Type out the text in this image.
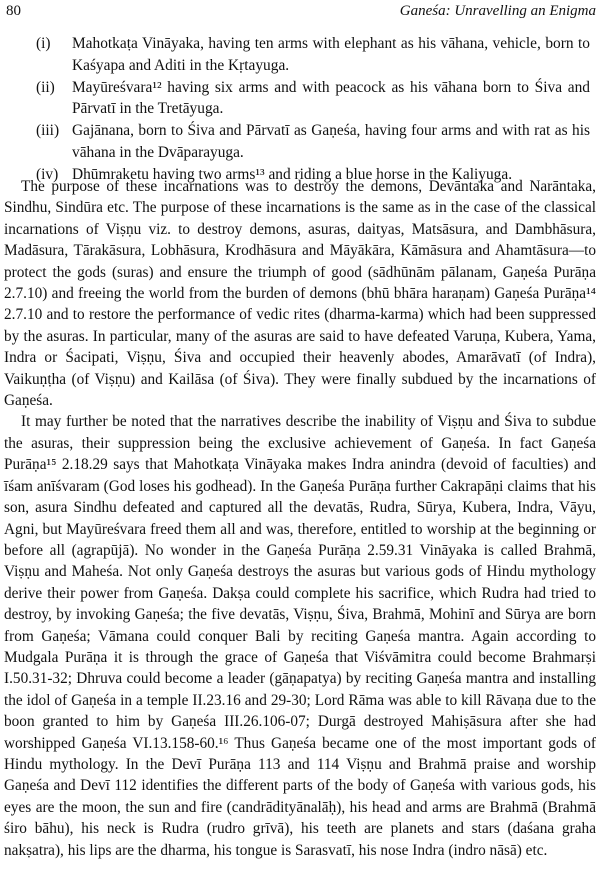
80	Ganeśa: Unravelling an Enigma
(i)	Mahotkaṭa Vināyaka, having ten arms with elephant as his vāhana, vehicle, born to Kaśyapa and Aditi in the Kṛtayuga.
(ii)	Mayūreśvara¹² having six arms and with peacock as his vāhana born to Śiva and Pārvatī in the Tretāyuga.
(iii) Gajānana, born to Śiva and Pārvatī as Gaṇeśa, having four arms and with rat as his vāhana in the Dvāparayuga.
(iv) Dhūmraketu having two arms¹³ and riding a blue horse in the Kaliyuga.

The purpose of these incarnations was to destroy the demons, Devāntaka and Narāntaka, Sindhu, Sindūra etc. The purpose of these incarnations is the same as in the case of the classical incarnations of Viṣṇu viz. to destroy demons, asuras, daityas, Matsāsura, and Dambhāsura, Madāsura, Tārakāsura, Lobhāsura, Krodhāsura and Māyākāra, Kāmāsura and Ahamtāsura—to protect the gods (suras) and ensure the triumph of good (sādhūnām pālanam, Gaṇeśa Purāṇa 2.7.10) and freeing the world from the burden of demons (bhū bhāra haraṇam) Gaṇeśa Purāṇa¹⁴ 2.7.10 and to restore the performance of vedic rites (dharma-karma) which had been suppressed by the asuras. In particular, many of the asuras are said to have defeated Varuṇa, Kubera, Yama, Indra or Śacipati, Viṣṇu, Śiva and occupied their heavenly abodes, Amarāvatī (of Indra), Vaikuṇṭha (of Viṣṇu) and Kailāsa (of Śiva). They were finally subdued by the incarnations of Gaṇeśa.

It may further be noted that the narratives describe the inability of Viṣṇu and Śiva to subdue the asuras, their suppression being the exclusive achievement of Gaṇeśa. In fact Gaṇeśa Purāṇa¹⁵ 2.18.29 says that Mahotkaṭa Vināyaka makes Indra anindra (devoid of faculties) and īśam anīśvaram (God loses his godhead). In the Gaṇeśa Purāṇa further Cakrapāṇi claims that his son, asura Sindhu defeated and captured all the devatās, Rudra, Sūrya, Kubera, Indra, Vāyu, Agni, but Mayūreśvara freed them all and was, therefore, entitled to worship at the beginning or before all (agrapūjā). No wonder in the Gaṇeśa Purāṇa 2.59.31 Vināyaka is called Brahmā, Viṣṇu and Maheśa. Not only Gaṇeśa destroys the asuras but various gods of Hindu mythology derive their power from Gaṇeśa. Dakṣa could complete his sacrifice, which Rudra had tried to destroy, by invoking Gaṇeśa; the five devatās, Viṣṇu, Śiva, Brahmā, Mohinī and Sūrya are born from Gaṇeśa; Vāmana could conquer Bali by reciting Gaṇeśa mantra. Again according to Mudgala Purāṇa it is through the grace of Gaṇeśa that Viśvāmitra could become Brahmarṣi I.50.31-32; Dhruva could become a leader (gāṇapatya) by reciting Gaṇeśa mantra and installing the idol of Gaṇeśa in a temple II.23.16 and 29-30; Lord Rāma was able to kill Rāvaṇa due to the boon granted to him by Gaṇeśa III.26.106-07; Durgā destroyed Mahiṣāsura after she had worshipped Gaṇeśa VI.13.158-60.¹⁶ Thus Gaṇeśa became one of the most important gods of Hindu mythology. In the Devī Purāṇa 113 and 114 Viṣṇu and Brahmā praise and worship Gaṇeśa and Devī 112 identifies the different parts of the body of Gaṇeśa with various gods, his eyes are the moon, the sun and fire (candrādityānalāḥ), his head and arms are Brahmā (Brahmā śiro bāhu), his neck is Rudra (rudro grīvā), his teeth are planets and stars (daśana graha nakṣatra), his lips are the dharma, his tongue is Sarasvatī, his nose Indra (indro nāsā) etc.
